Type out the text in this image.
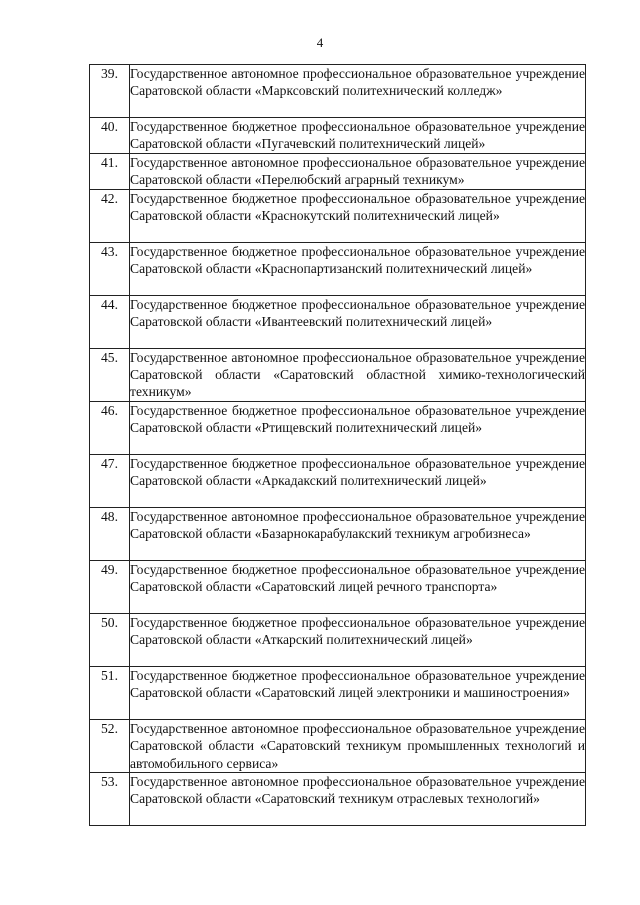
4
39.	Государственное автономное профессиональное образовательное учреждение Саратовской области «Марксовский политехнический колледж»
40.	Государственное бюджетное профессиональное образовательное учреждение Саратовской области «Пугачевский политехнический лицей»
41.	Государственное автономное профессиональное образовательное учреждение Саратовской области «Перелюбский аграрный техникум»
42.	Государственное бюджетное профессиональное образовательное учреждение Саратовской области «Краснокутский политехнический лицей»
43.	Государственное бюджетное профессиональное образовательное учреждение Саратовской области «Краснопартизанский политехнический лицей»
44.	Государственное бюджетное профессиональное образовательное учреждение Саратовской области «Ивантеевский политехнический лицей»
45.	Государственное автономное профессиональное образовательное учреждение Саратовской области «Саратовский областной химико-технологический техникум»
46.	Государственное бюджетное профессиональное образовательное учреждение Саратовской области «Ртищевский политехнический лицей»
47.	Государственное бюджетное профессиональное образовательное учреждение Саратовской области «Аркадакский политехнический лицей»
48.	Государственное автономное профессиональное образовательное учреждение Саратовской области «Базарнокарабулакский техникум агробизнеса»
49.	Государственное бюджетное профессиональное образовательное учреждение Саратовской области «Саратовский лицей речного транспорта»
50.	Государственное бюджетное профессиональное образовательное учреждение Саратовской области «Аткарский политехнический лицей»
51.	Государственное бюджетное профессиональное образовательное учреждение Саратовской области «Саратовский лицей электроники и машиностроения»
52.	Государственное автономное профессиональное образовательное учреждение Саратовской области «Саратовский техникум промышленных технологий и автомобильного сервиса»
53.	Государственное автономное профессиональное образовательное учреждение Саратовской области «Саратовский техникум отраслевых технологий»
